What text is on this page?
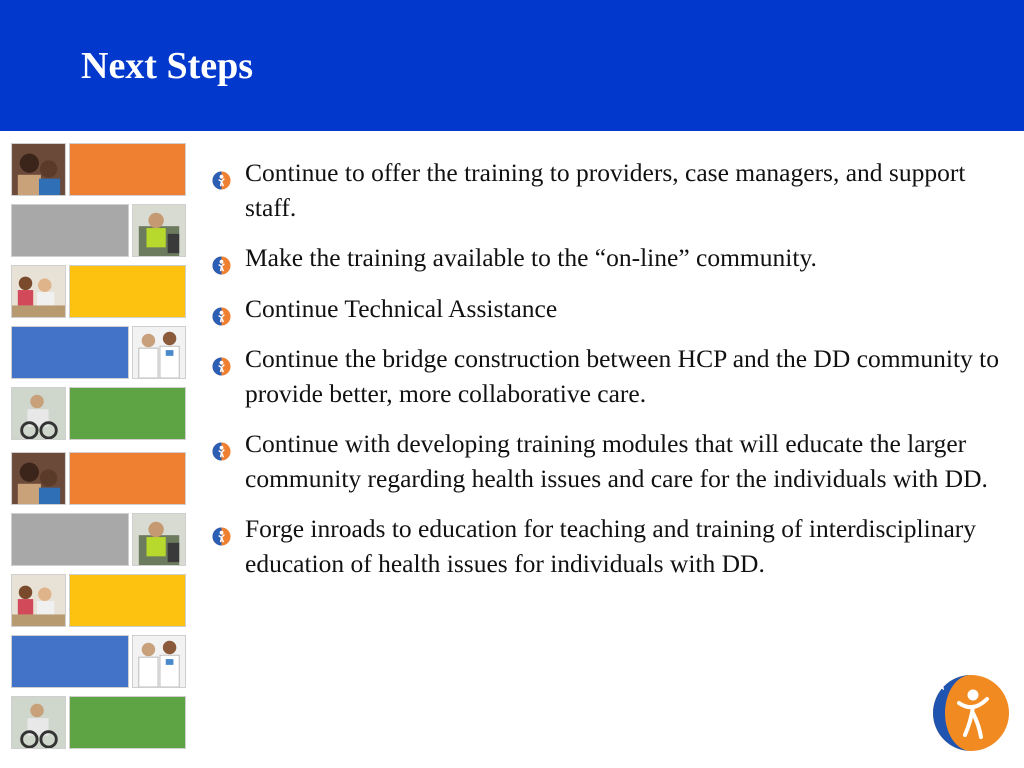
Next Steps
Continue to offer the training to providers, case managers, and support staff.
Make the training available to the “on-line” community.
Continue Technical Assistance
Continue the bridge construction between HCP and the DD community to provide better, more collaborative care.
Continue with developing training modules that will educate the larger community regarding health issues and care for the individuals with DD.
Forge inroads to education for teaching and training of interdisciplinary education of health issues for individuals with DD.
